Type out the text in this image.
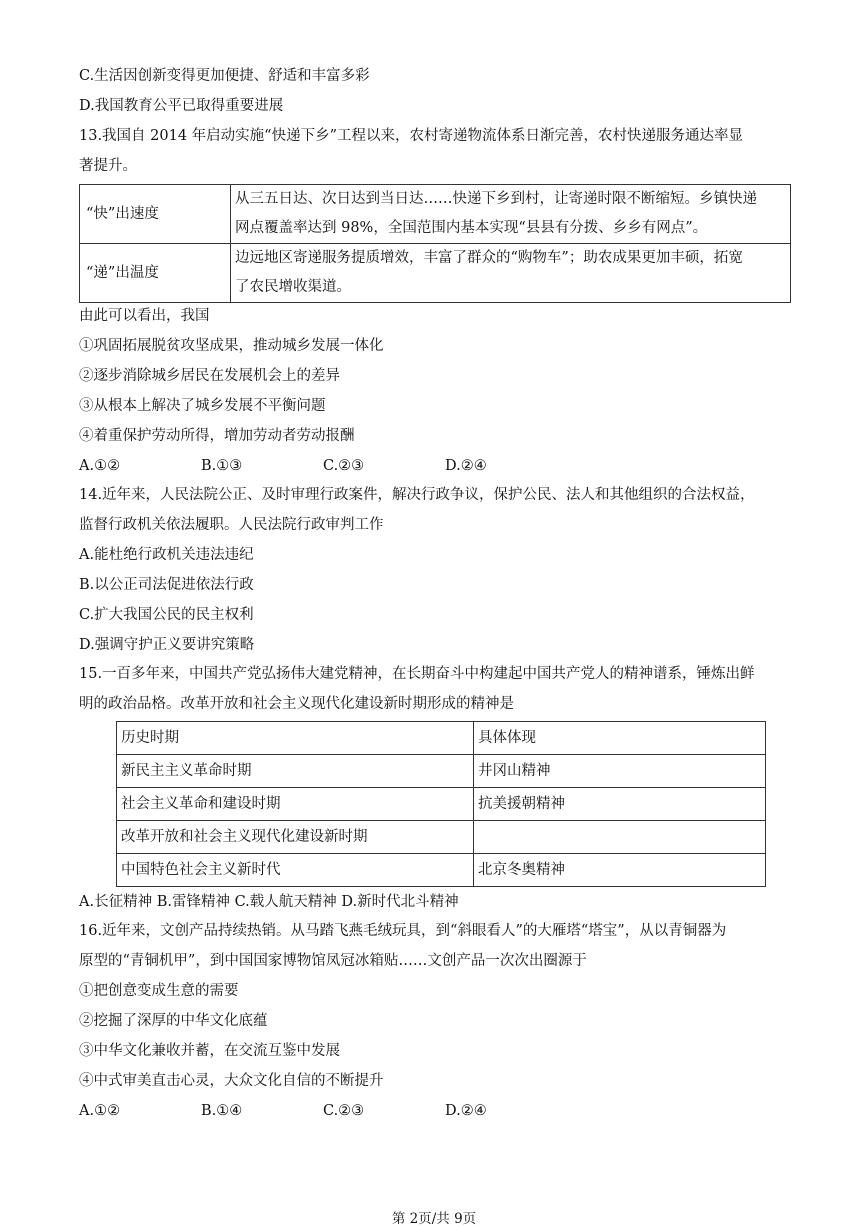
C.生活因创新变得更加便捷、舒适和丰富多彩
D.我国教育公平已取得重要进展
13.我国自 2014 年启动实施“快递下乡”工程以来，农村寄递物流体系日渐完善，农村快递服务通达率显
著提升。
“快”出速度	从三五日达、次日达到当日达……快递下乡到村，让寄递时限不断缩短。乡镇快递
网点覆盖率达到 98%，全国范围内基本实现“县县有分拨、乡乡有网点”。

“递”出温度	边远地区寄递服务提质增效，丰富了群众的“购物车”；助农成果更加丰硕，拓宽
了农民增收渠道。
由此可以看出，我国
①巩固拓展脱贫攻坚成果，推动城乡发展一体化
②逐步消除城乡居民在发展机会上的差异
③从根本上解决了城乡发展不平衡问题
④着重保护劳动所得，增加劳动者劳动报酬
A.①②	B.①③	C.②③	D.②④
14.近年来，人民法院公正、及时审理行政案件，解决行政争议，保护公民、法人和其他组织的合法权益，
监督行政机关依法履职。人民法院行政审判工作
A.能杜绝行政机关违法违纪
B.以公正司法促进依法行政
C.扩大我国公民的民主权利
D.强调守护正义要讲究策略
15.一百多年来，中国共产党弘扬伟大建党精神，在长期奋斗中构建起中国共产党人的精神谱系，锤炼出鲜
明的政治品格。改革开放和社会主义现代化建设新时期形成的精神是
历史时期	具体体现
新民主主义革命时期	井冈山精神
社会主义革命和建设时期	抗美援朝精神
改革开放和社会主义现代化建设新时期	
中国特色社会主义新时代	北京冬奥精神
A.长征精神 B.雷锋精神 C.载人航天精神 D.新时代北斗精神
16.近年来，文创产品持续热销。从马踏飞燕毛绒玩具，到“斜眼看人”的大雁塔“塔宝”，从以青铜器为
原型的“青铜机甲”，到中国国家博物馆凤冠冰箱贴……文创产品一次次出圈源于
①把创意变成生意的需要
②挖掘了深厚的中华文化底蕴
③中华文化兼收并蓄，在交流互鉴中发展
④中式审美直击心灵，大众文化自信的不断提升
A.①②	B.①④	C.②③	D.②④
第 2页/共 9页
